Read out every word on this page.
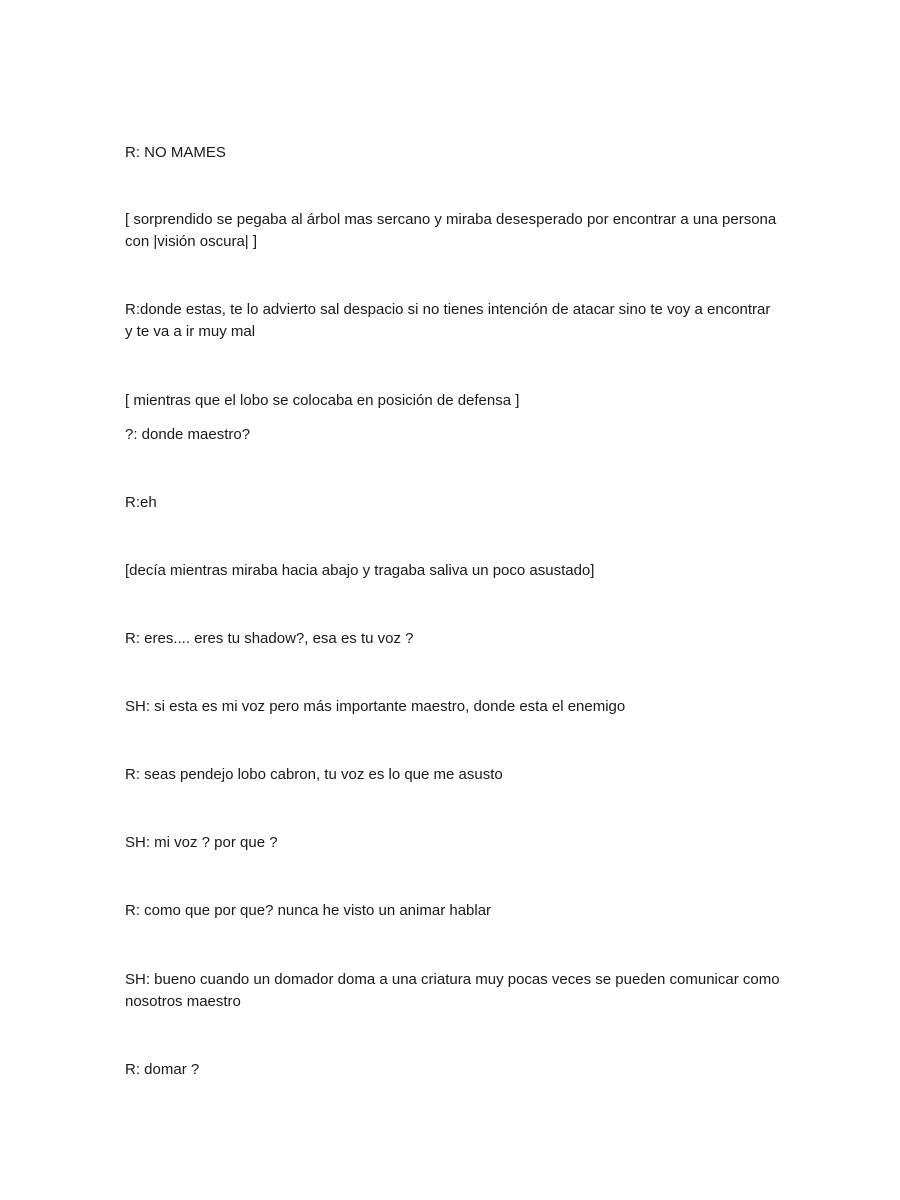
R: NO MAMES

[ sorprendido se pegaba al árbol mas sercano y miraba desesperado por encontrar a una persona con |visión oscura| ]

R:donde estas, te lo advierto sal despacio si no tienes intención de atacar sino te voy a encontrar y te va a ir muy mal

[ mientras que el lobo se colocaba en posición de defensa ]

?: donde maestro?

R:eh

[decía mientras miraba hacia abajo y tragaba saliva un poco asustado]

R: eres.... eres tu shadow?, esa es tu voz ?

SH: si esta es mi voz pero más importante maestro, donde esta el enemigo

R: seas pendejo lobo cabron, tu voz es lo que me asusto

SH: mi voz ? por que ?

R: como que por que? nunca he visto un animar hablar

SH: bueno cuando un domador doma a una criatura muy pocas veces se pueden comunicar como nosotros maestro

R: domar ?
